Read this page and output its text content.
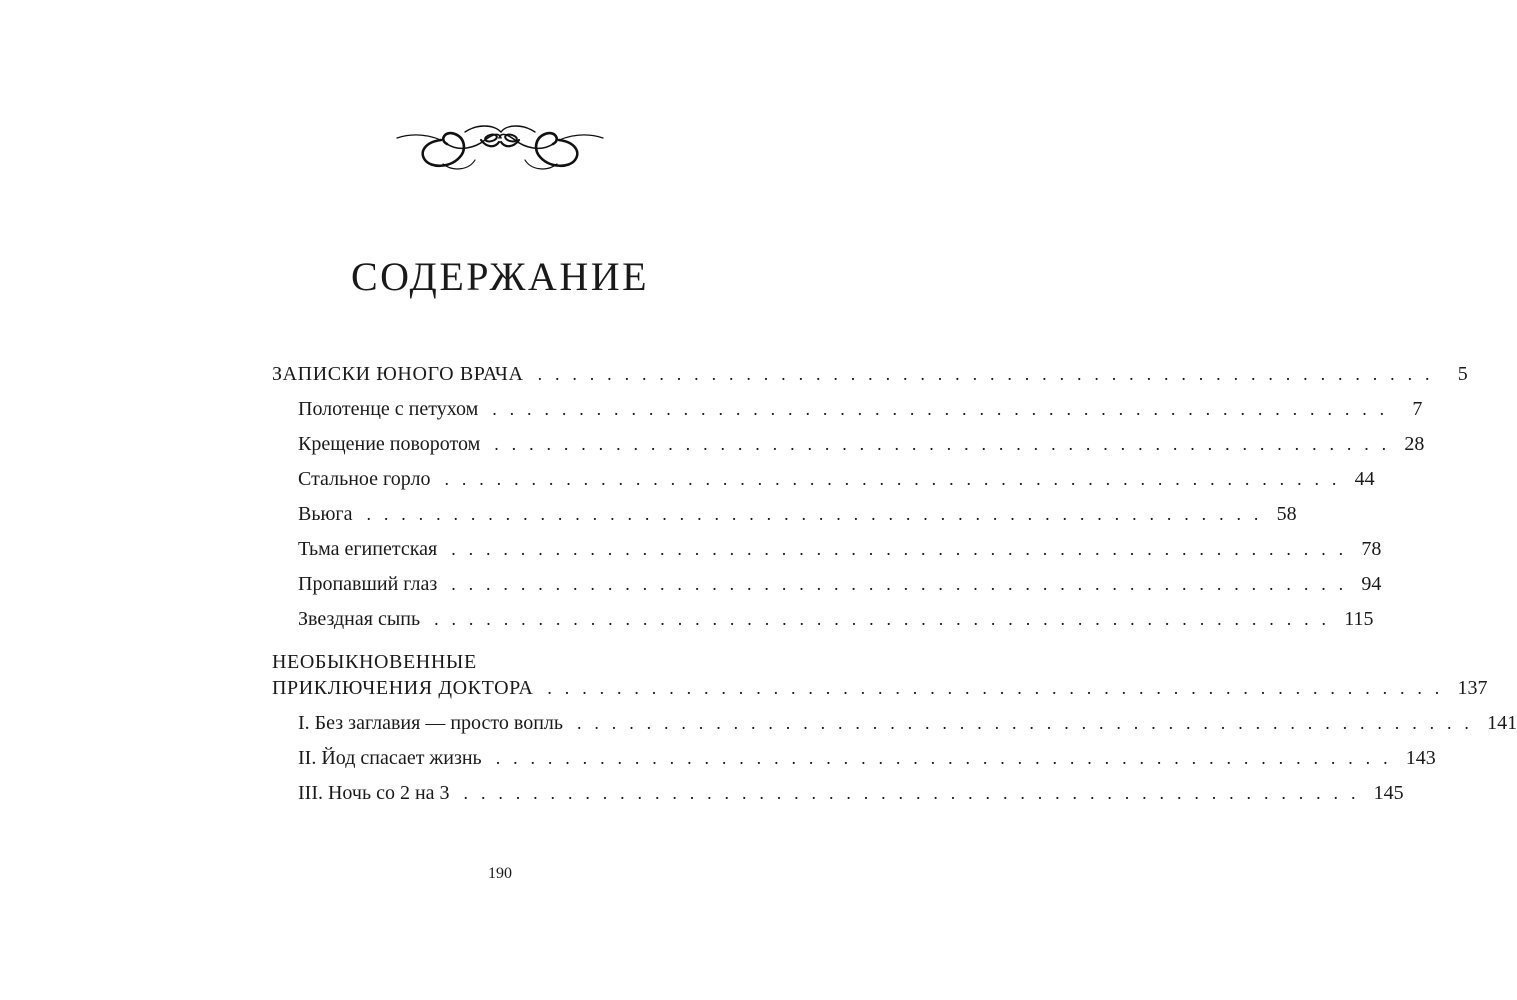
СОДЕРЖАНИЕ
ЗАПИСКИ ЮНОГО ВРАЧА . . . . . . . . . . . . . . . . . . . . . . . . . . . . . . . . . . . . . . . . . . . . . . . . . . . .	5
Полотенце с петухом . . . . . . . . . . . . . . . . . . . . . . . . . . . . . . . . . . . . . . . . . . . . . . . . . . . .	7
Крещение поворотом . . . . . . . . . . . . . . . . . . . . . . . . . . . . . . . . . . . . . . . . . . . . . . . . . . . . 28
Стальное горло . . . . . . . . . . . . . . . . . . . . . . . . . . . . . . . . . . . . . . . . . . . . . . . . . . . . 44
Вьюга . . . . . . . . . . . . . . . . . . . . . . . . . . . . . . . . . . . . . . . . . . . . . . . . . . . . 58
Тьма египетская . . . . . . . . . . . . . . . . . . . . . . . . . . . . . . . . . . . . . . . . . . . . . . . . . . . . 78
Пропавший глаз . . . . . . . . . . . . . . . . . . . . . . . . . . . . . . . . . . . . . . . . . . . . . . . . . . . . 94
Звездная сыпь . . . . . . . . . . . . . . . . . . . . . . . . . . . . . . . . . . . . . . . . . . . . . . . . . . . . 115
НЕОБЫКНОВЕННЫЕ
ПРИКЛЮЧЕНИЯ ДОКТОРА . . . . . . . . . . . . . . . . . . . . . . . . . . . . . . . . . . . . . . . . . . . . . . . . . . . . 137
I. Без заглавия — просто вопль . . . . . . . . . . . . . . . . . . . . . . . . . . . . . . . . . . . . . . . . . . . . . . . . . . . . 141
II. Йод спасает жизнь . . . . . . . . . . . . . . . . . . . . . . . . . . . . . . . . . . . . . . . . . . . . . . . . . . . . 143
III. Ночь со 2 на 3 . . . . . . . . . . . . . . . . . . . . . . . . . . . . . . . . . . . . . . . . . . . . . . . . . . . . 145
190
